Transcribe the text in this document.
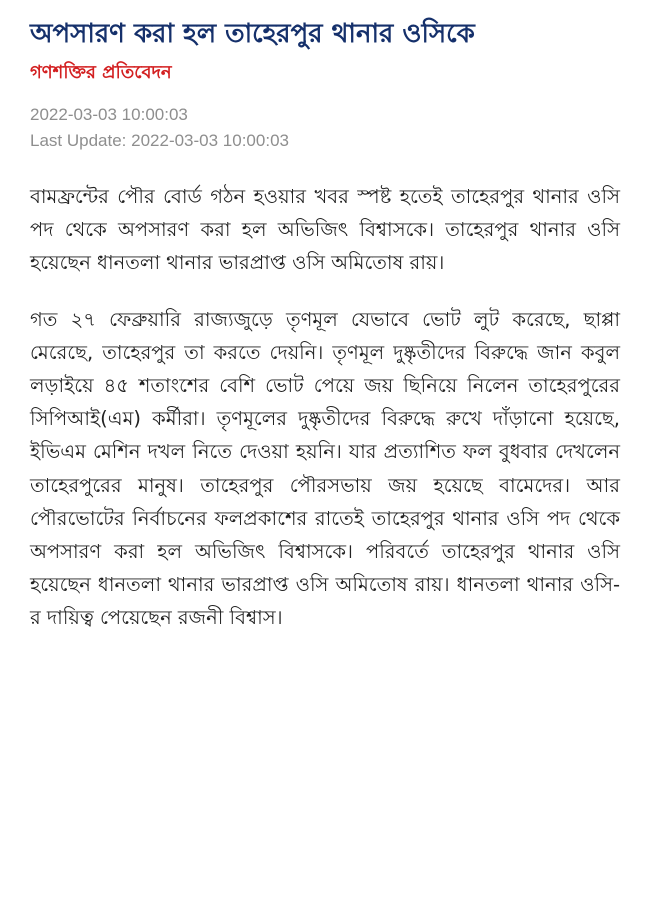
অপসারণ করা হল তাহেরপুর থানার ওসিকে
গণশক্তির প্রতিবেদন
2022-03-03 10:00:03
Last Update: 2022-03-03 10:00:03

বামফ্রন্টের পৌর বোর্ড গঠন হওয়ার খবর স্পষ্ট হতেই তাহেরপুর থানার ওসি পদ থেকে অপসারণ করা হল অভিজিৎ বিশ্বাসকে। তাহেরপুর থানার ওসি হয়েছেন ধানতলা থানার ভারপ্রাপ্ত ওসি অমিতোষ রায়।

গত ২৭ ফেব্রুয়ারি রাজ্যজুড়ে তৃণমূল যেভাবে ভোট লুট করেছে, ছাপ্পা মেরেছে, তাহেরপুর তা করতে দেয়নি। তৃণমূল দুষ্কৃতীদের বিরুদ্ধে জান কবুল লড়াইয়ে ৪৫ শতাংশের বেশি ভোট পেয়ে জয় ছিনিয়ে নিলেন তাহেরপুরের সিপিআই(এম) কর্মীরা। তৃণমূলের দুষ্কৃতীদের বিরুদ্ধে রুখে দাঁড়ানো হয়েছে, ইভিএম মেশিন দখল নিতে দেওয়া হয়নি। যার প্রত্যাশিত ফল বুধবার দেখলেন তাহেরপুরের মানুষ। তাহেরপুর পৌরসভায় জয় হয়েছে বামেদের। আর পৌরভোটের নির্বাচনের ফলপ্রকাশের রাতেই তাহেরপুর থানার ওসি পদ থেকে অপসারণ করা হল অভিজিৎ বিশ্বাসকে। পরিবর্তে তাহেরপুর থানার ওসি হয়েছেন ধানতলা থানার ভারপ্রাপ্ত ওসি অমিতোষ রায়। ধানতলা থানার ওসি-র দায়িত্ব পেয়েছেন রজনী বিশ্বাস।
